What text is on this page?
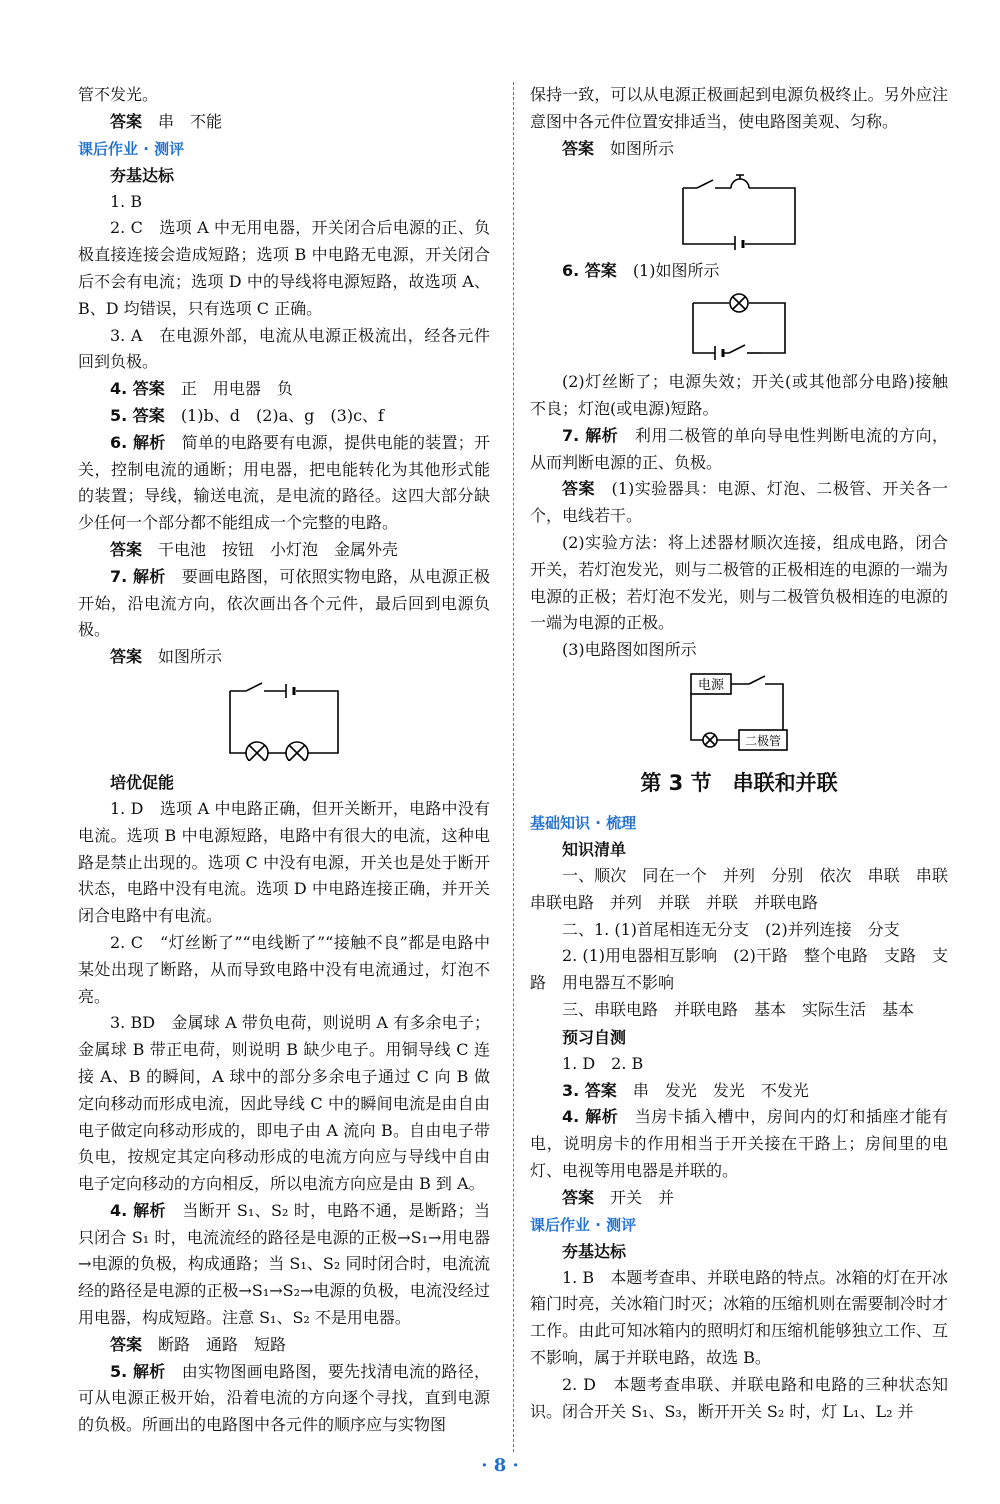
管不发光。

答案　 串　不能

课后作业 · 测评
夯基达标

1. B

2. C　选项 A 中无用电器，开关闭合后电源的正、负极直接连接会造成短路；选项 B 中电路无电源，开关闭合后不会有电流；选项 D 中的导线将电源短路，故选项 A、B、D 均错误，只有选项 C 正确。

3. A　在电源外部，电流从电源正极流出，经各元件回到负极。

4. 答案　 正　用电器　负

5. 答案　 (1)b、d　(2)a、g　(3)c、f

6. 解析　 简单的电路要有电源，提供电能的装置；开关，控制电流的通断；用电器，把电能转化为其他形式能的装置；导线，输送电流，是电流的路径。这四大部分缺少任何一个部分都不能组成一个完整的电路。

答案　 干电池　按钮　小灯泡　金属外壳

7. 解析　 要画电路图，可依照实物电路，从电源正极开始，沿电流方向，依次画出各个元件，最后回到电源负极。

答案　 如图所示

培优促能

1. D　选项 A 中电路正确，但开关断开，电路中没有电流。选项 B 中电源短路，电路中有很大的电流，这种电路是禁止出现的。选项 C 中没有电源，开关也是处于断开状态，电路中没有电流。选项 D 中电路连接正确，并开关闭合电路中有电流。

2. C　“灯丝断了”“电线断了”“接触不良”都是电路中某处出现了断路，从而导致电路中没有电流通过，灯泡不亮。

3. BD　金属球 A 带负电荷，则说明 A 有多余电子；金属球 B 带正电荷，则说明 B 缺少电子。用铜导线 C 连接 A、B 的瞬间，A 球中的部分多余电子通过 C 向 B 做定向移动而形成电流，因此导线 C 中的瞬间电流是由自由电子做定向移动形成的，即电子由 A 流向 B。自由电子带负电，按规定其定向移动形成的电流方向应与导线中自由电子定向移动的方向相反，所以电流方向应是由 B 到 A。

4. 解析　 当断开 S₁、S₂ 时，电路不通，是断路；当只闭合 S₁ 时，电流流经的路径是电源的正极→S₁→用电器→电源的负极，构成通路；当 S₁、S₂ 同时闭合时，电流流经的路径是电源的正极→S₁→S₂→电源的负极，电流没经过用电器，构成短路。注意 S₁、S₂ 不是用电器。

答案　 断路　通路　短路

5. 解析　 由实物图画电路图，要先找清电流的路径，可从电源正极开始，沿着电流的方向逐个寻找，直到电源的负极。所画出的电路图中各元件的顺序应与实物图

保持一致，可以从电源正极画起到电源负极终止。另外应注意图中各元件位置安排适当，使电路图美观、匀称。

答案　 如图所示

6. 答案　 (1)如图所示

(2)灯丝断了；电源失效；开关(或其他部分电路)接触不良；灯泡(或电源)短路。

7. 解析　 利用二极管的单向导电性判断电流的方向，从而判断电源的正、负极。

答案　 (1)实验器具：电源、灯泡、二极管、开关各一个，电线若干。

(2)实验方法：将上述器材顺次连接，组成电路，闭合开关，若灯泡发光，则与二极管的正极相连的电源的一端为电源的正极；若灯泡不发光，则与二极管负极相连的电源的一端为电源的正极。

(3)电路图如图所示

电源
二极管
第 3 节　串联和并联
基础知识 · 梳理
知识清单

一、顺次　同在一个　并列　分别　依次　串联　串联　串联电路　并列　并联　并联　并联电路

二、1. (1)首尾相连无分支　(2)并列连接　分支

2. (1)用电器相互影响　(2)干路　整个电路　支路　支路　用电器互不影响

三、串联电路　并联电路　基本　实际生活　基本

预习自测

1. D　2. B

3. 答案　 串　发光　发光　不发光

4. 解析　 当房卡插入槽中，房间内的灯和插座才能有电，说明房卡的作用相当于开关接在干路上；房间里的电灯、电视等用电器是并联的。

答案　 开关　并

课后作业 · 测评
夯基达标

1. B　本题考查串、并联电路的特点。冰箱的灯在开冰箱门时亮，关冰箱门时灭；冰箱的压缩机则在需要制冷时才工作。由此可知冰箱内的照明灯和压缩机能够独立工作、互不影响，属于并联电路，故选 B。

2. D　本题考查串联、并联电路和电路的三种状态知识。闭合开关 S₁、S₃，断开开关 S₂ 时，灯 L₁、L₂ 并

· 8 ·
